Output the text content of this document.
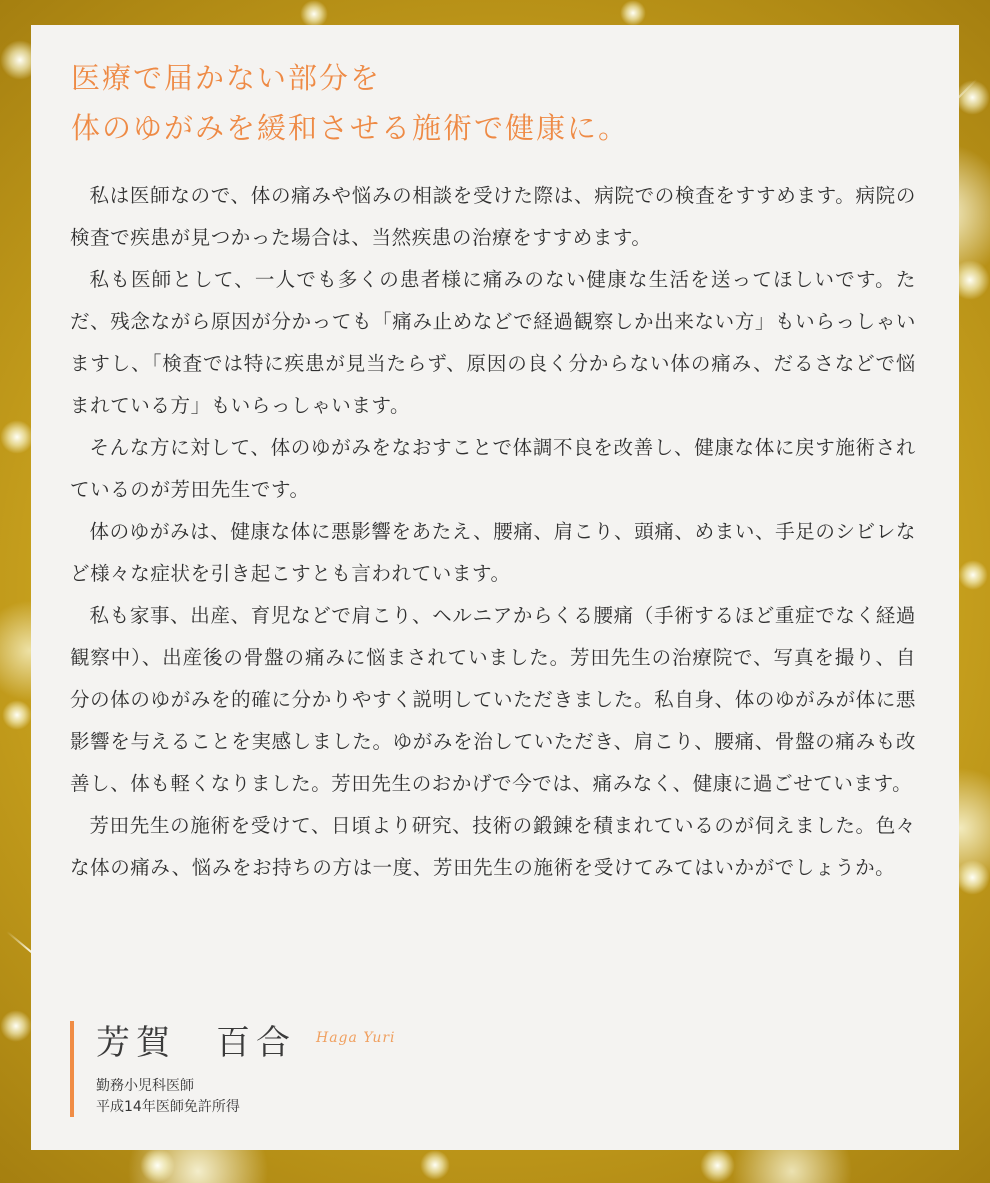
医療で届かない部分を
体のゆがみを緩和させる施術で健康に。

私は医師なので、体の痛みや悩みの相談を受けた際は、病院での検査をすすめます。病院の検査で疾患が見つかった場合は、当然疾患の治療をすすめます。

私も医師として、一人でも多くの患者様に痛みのない健康な生活を送ってほしいです。ただ、残念ながら原因が分かっても「痛み止めなどで経過観察しか出来ない方」もいらっしゃいますし、「検査では特に疾患が見当たらず、原因の良く分からない体の痛み、だるさなどで悩まれている方」もいらっしゃいます。

そんな方に対して、体のゆがみをなおすことで体調不良を改善し、健康な体に戻す施術されているのが芳田先生です。

体のゆがみは、健康な体に悪影響をあたえ、腰痛、肩こり、頭痛、めまい、手足のシビレなど様々な症状を引き起こすとも言われています。

私も家事、出産、育児などで肩こり、ヘルニアからくる腰痛（手術するほど重症でなく経過観察中）、出産後の骨盤の痛みに悩まされていました。芳田先生の治療院で、写真を撮り、自分の体のゆがみを的確に分かりやすく説明していただきました。私自身、体のゆがみが体に悪影響を与えることを実感しました。ゆがみを治していただき、肩こり、腰痛、骨盤の痛みも改善し、体も軽くなりました。芳田先生のおかげで今では、痛みなく、健康に過ごせています。

芳田先生の施術を受けて、日頃より研究、技術の鍛錬を積まれているのが伺えました。色々な体の痛み、悩みをお持ちの方は一度、芳田先生の施術を受けてみてはいかがでしょうか。

芳賀　百合 Haga Yuri
勤務小児科医師
平成14年医師免許所得
